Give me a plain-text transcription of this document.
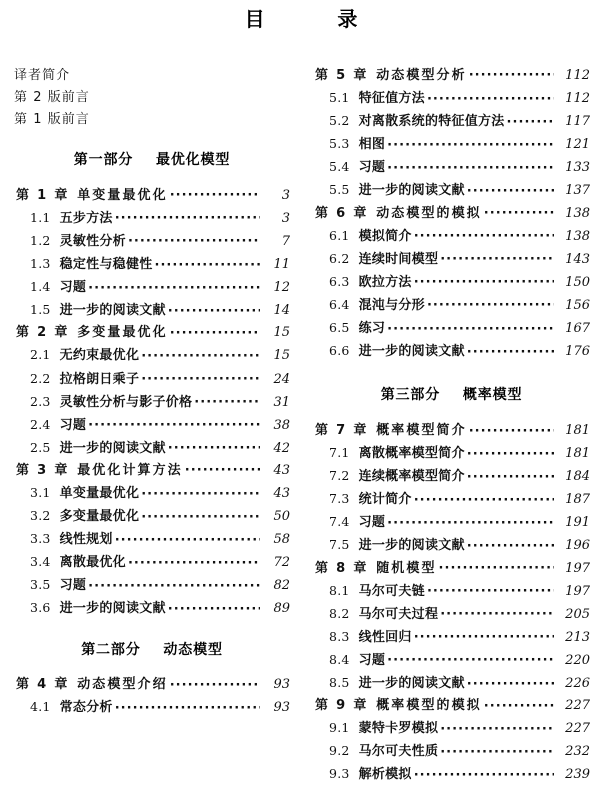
目    录
译者简介
第 2 版前言
第 1 版前言
第一部分    最优化模型
第 1 章 单变量最优化 ·····	3
1.1 五步方法 ·····	3
1.2 灵敏性分析 ·····	7
1.3 稳定性与稳健性 ·····	11
1.4 习题 ·····	12
1.5 进一步的阅读文献 ·····	14
第 2 章 多变量最优化 ·····	15
2.1 无约束最优化 ·····	15
2.2 拉格朗日乘子 ·····	24
2.3 灵敏性分析与影子价格 ·····	31
2.4 习题 ·····	38
2.5 进一步的阅读文献 ·····	42
第 3 章 最优化计算方法 ·····	43
3.1 单变量最优化 ·····	43
3.2 多变量最优化 ·····	50
3.3 线性规划 ·····	58
3.4 离散最优化 ·····	72
3.5 习题 ·····	82
3.6 进一步的阅读文献 ·····	89
第二部分    动态模型
第 4 章 动态模型介绍 ·····	93
4.1 常态分析 ·····	93
第 5 章 动态模型分析 ·····	112
5.1 特征值方法 ·····	112
5.2 对离散系统的特征值方法 ·····	117
5.3 相图 ·····	121
5.4 习题 ·····	133
5.5 进一步的阅读文献 ·····	137
第 6 章 动态模型的模拟 ·····	138
6.1 模拟简介 ·····	138
6.2 连续时间模型 ·····	143
6.3 欧拉方法 ·····	150
6.4 混沌与分形 ·····	156
6.5 练习 ·····	167
6.6 进一步的阅读文献 ·····	176
第三部分    概率模型
第 7 章 概率模型简介 ·····	181
7.1 离散概率模型简介 ·····	181
7.2 连续概率模型简介 ·····	184
7.3 统计简介 ·····	187
7.4 习题 ·····	191
7.5 进一步的阅读文献 ·····	196
第 8 章 随机模型 ·····	197
8.1 马尔可夫链 ·····	197
8.2 马尔可夫过程 ·····	205
8.3 线性回归 ·····	213
8.4 习题 ·····	220
8.5 进一步的阅读文献 ·····	226
第 9 章 概率模型的模拟 ·····	227
9.1 蒙特卡罗模拟 ·····	227
9.2 马尔可夫性质 ·····	232
9.3 解析模拟 ·····	239
